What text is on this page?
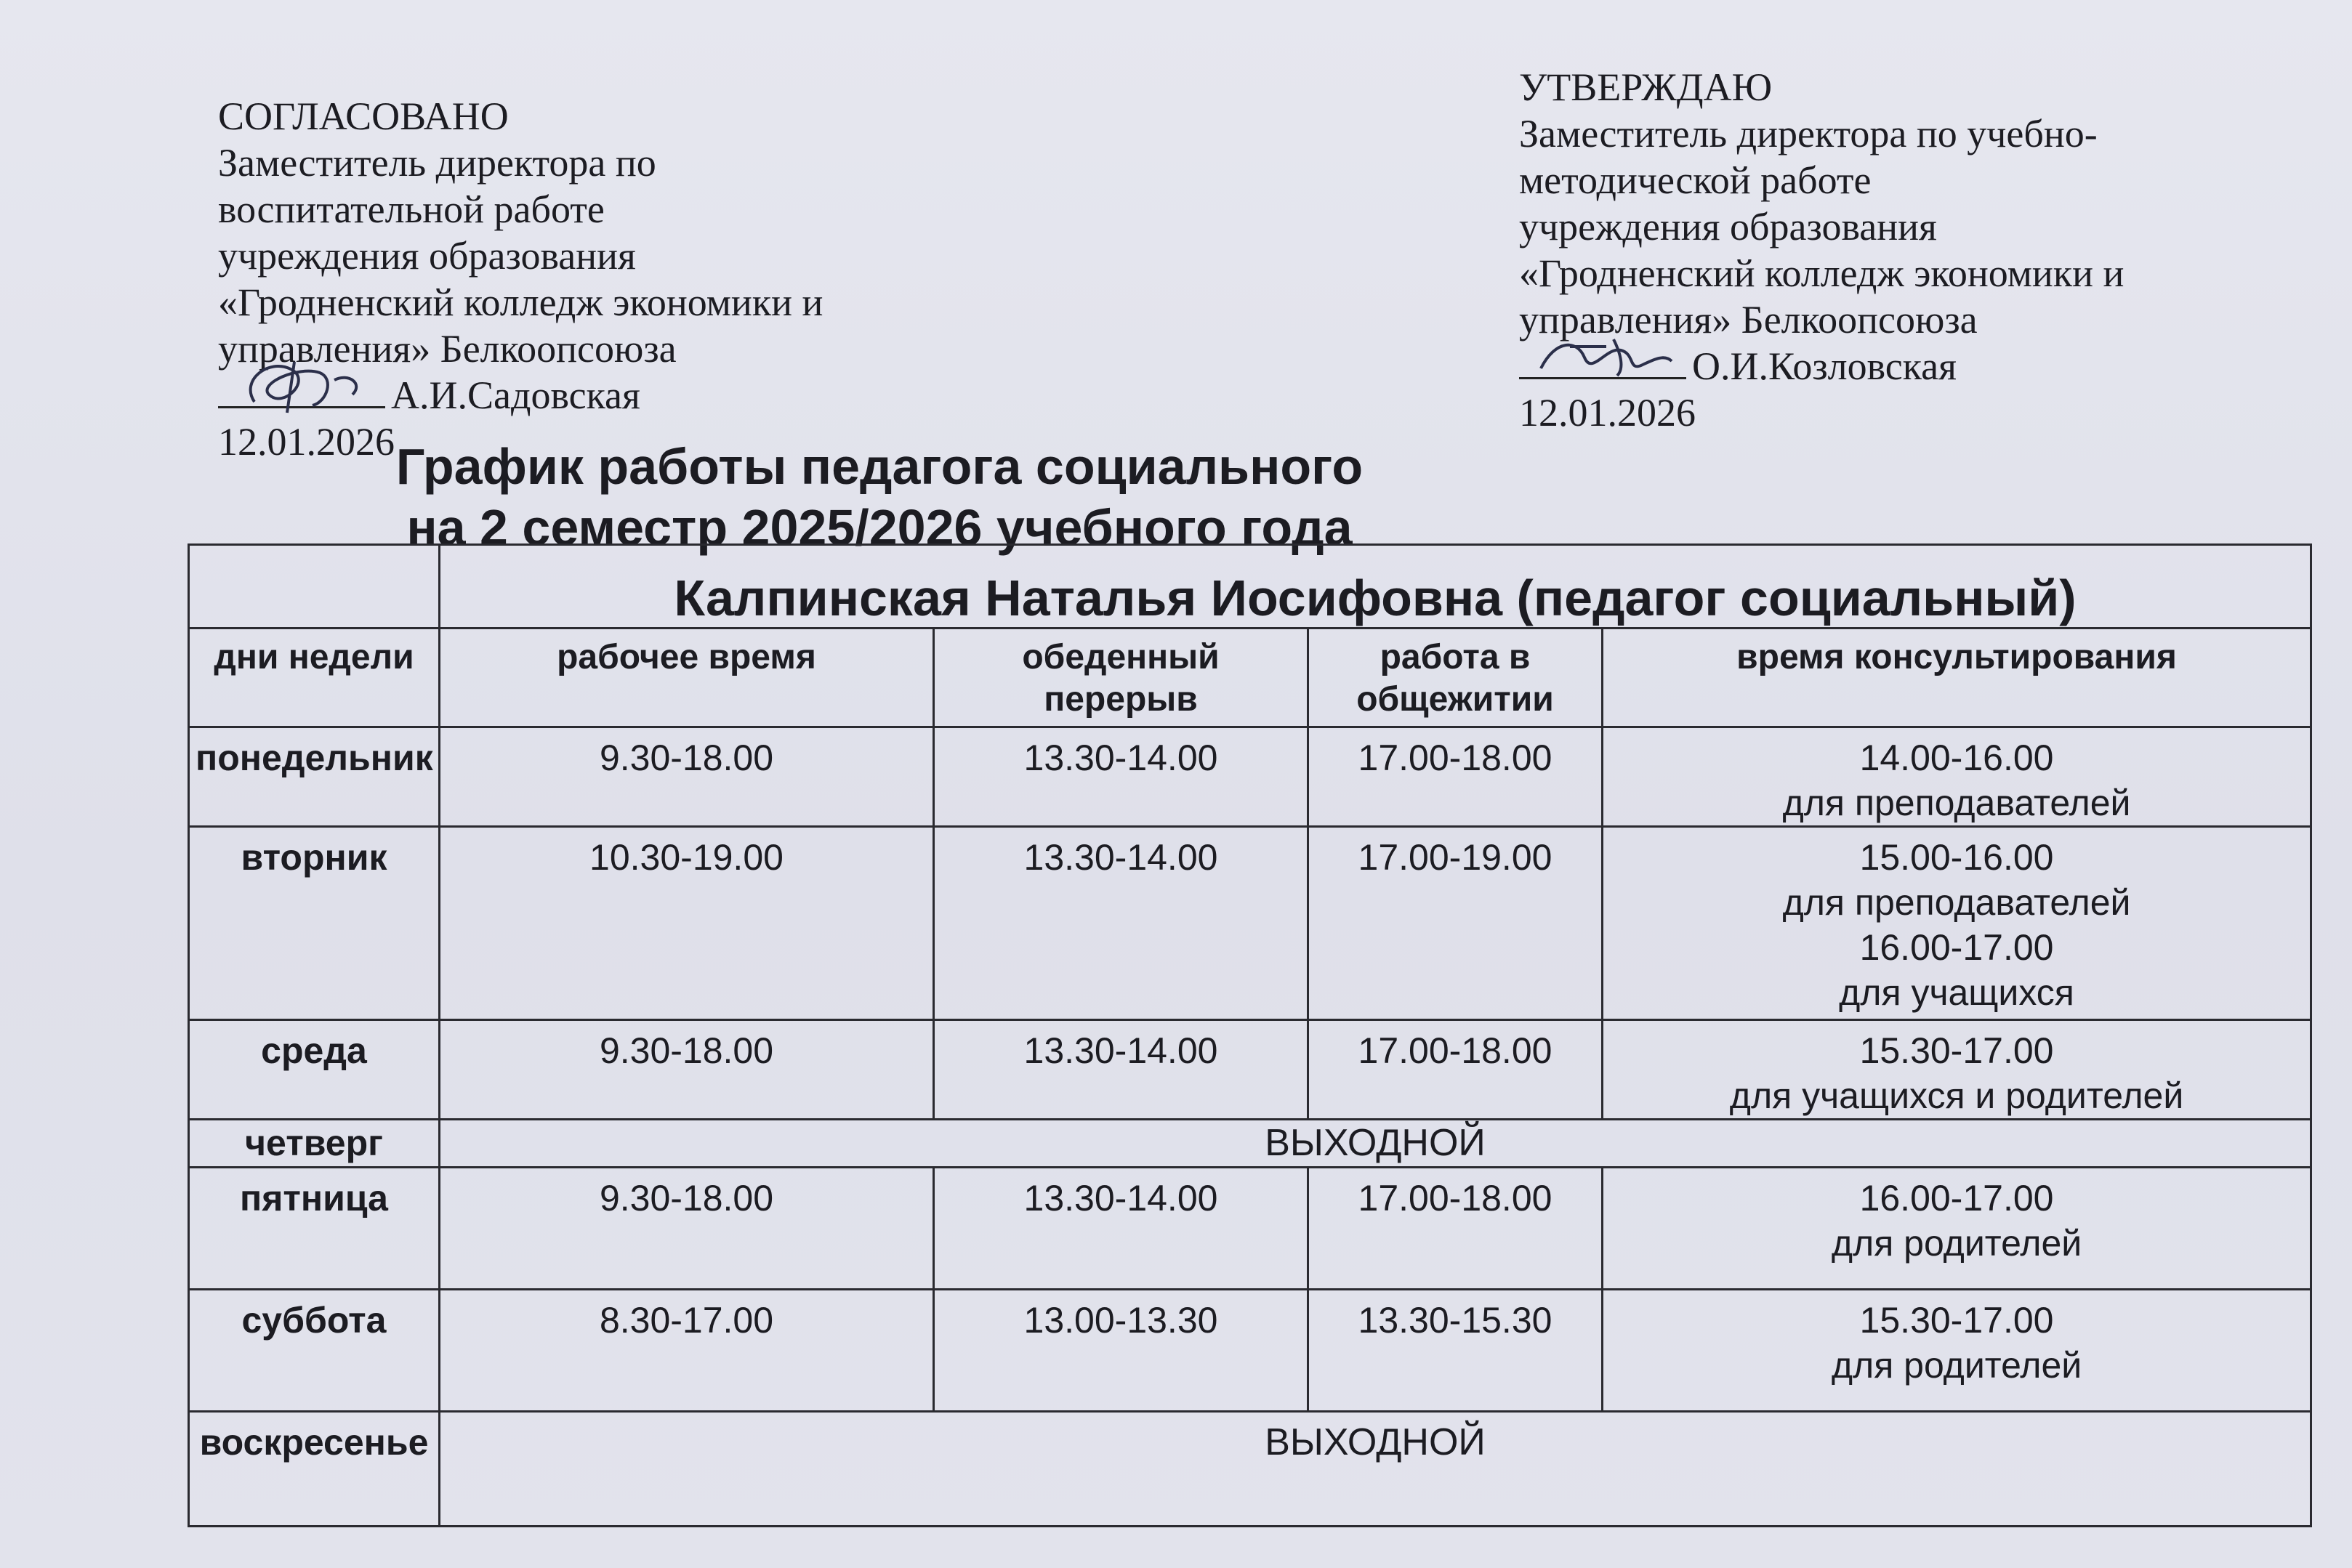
СОГЛАСОВАНО
Заместитель директора по
воспитательной работе
учреждения образования
«Гродненский колледж экономики и
управления» Белкоопсоюза
А.И.Садовская
12.01.2026
УТВЕРЖДАЮ
Заместитель директора по учебно-
методической работе
учреждения образования
«Гродненский колледж экономики и
управления» Белкоопсоюза
О.И.Козловская
12.01.2026
График работы педагога социального
на 2 семестр 2025/2026 учебного года
	Калпинская Наталья Иосифовна (педагог социальный)			
дни недели	рабочее время	обеденный перерыв	работа в общежитии	время консультирования
понедельник	9.30-18.00	13.30-14.00	17.00-18.00	14.00-16.00
для преподавателей

вторник	10.30-19.00	13.30-14.00	17.00-19.00	15.00-16.00
для преподавателей
16.00-17.00
для учащихся

среда	9.30-18.00	13.30-14.00	17.00-18.00	15.30-17.00
для учащихся и родителей

четверг	ВЫХОДНОЙ			
пятница	9.30-18.00	13.30-14.00	17.00-18.00	16.00-17.00
для родителей

суббота	8.30-17.00	13.00-13.30	13.30-15.30	15.30-17.00
для родителей

воскресенье	ВЫХОДНОЙ			
